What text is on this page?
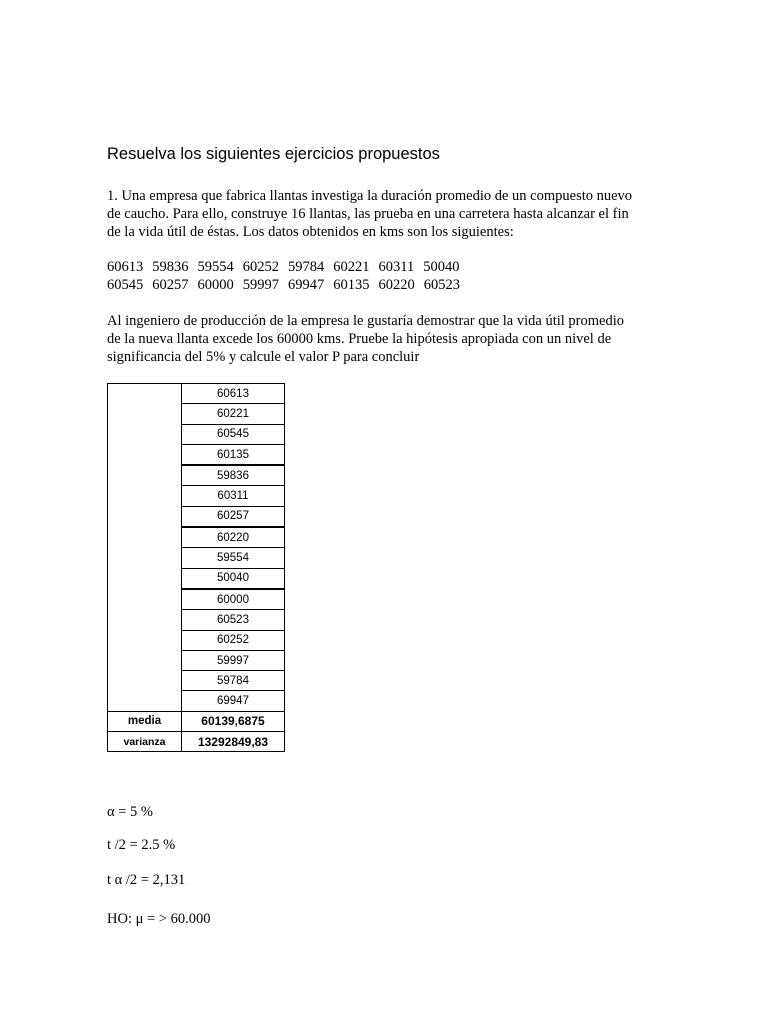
Resuelva los siguientes ejercicios propuestos
1. Una empresa que fabrica llantas investiga la duración promedio de un compuesto nuevo
de caucho. Para ello, construye 16 llantas, las prueba en una carretera hasta alcanzar el fin
de la vida útil de éstas. Los datos obtenidos en kms son los siguientes:
60613 59836 59554 60252 59784 60221 60311 50040
60545 60257 60000 59997 69947 60135 60220 60523
Al ingeniero de producción de la empresa le gustaría demostrar que la vida útil promedio
de la nueva llanta excede los 60000 kms. Pruebe la hipótesis apropiada con un nivel de
significancia del 5% y calcule el valor P para concluir
	60613
	60221
	60545
	60135
	59836
	60311
	60257
	60220
	59554
	50040
	60000
	60523
	60252
	59997
	59784
	69947
media	60139,6875
varianza	13292849,83
α = 5 %
t /2 = 2.5 %
t α /2 = 2,131
HO: μ = > 60.000
